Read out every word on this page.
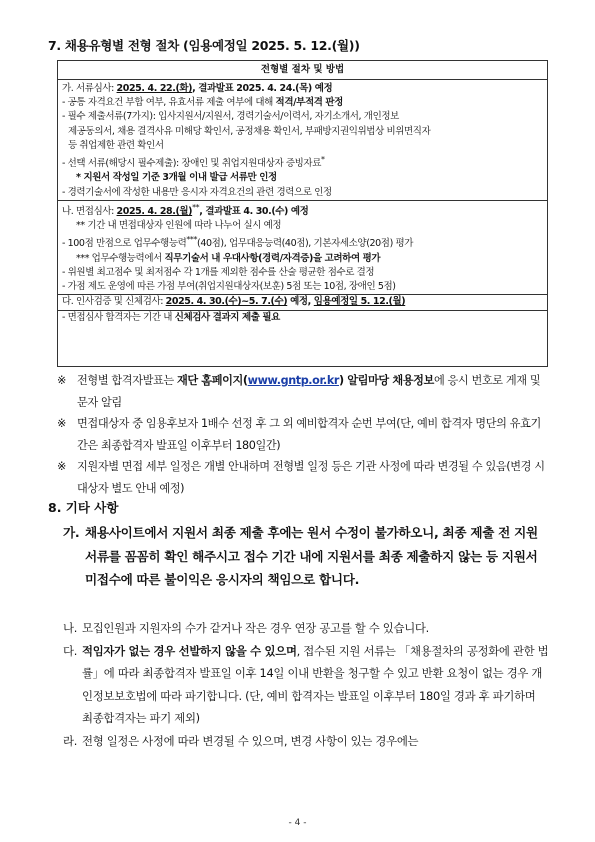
7. 채용유형별 전형 절차 (임용예정일 2025. 5. 12.(월))
전형별 절차 및 방법
가. 서류심사: 2025. 4. 22.(화), 결과발표 2025. 4. 24.(목) 예정
- 공통 자격요건 부합 여부, 유효서류 제출 여부에 대해 적격/부적격 판정
- 필수 제출서류(7가지): 입사지원서/지원서, 경력기술서/이력서, 자기소개서, 개인정보
제공동의서, 채용 결격사유 미해당 확인서, 공정채용 확인서, 부패방지권익위법상 비위면직자
등 취업제한 관련 확인서
- 선택 서류(해당시 필수제출): 장애인 및 취업지원대상자 증빙자료*
* 지원서 작성일 기준 3개월 이내 발급 서류만 인정
- 경력기술서에 작성한 내용만 응시자 자격요건의 관련 경력으로 인정
나. 면접심사: 2025. 4. 28.(월)**, 결과발표 4. 30.(수) 예정
** 기간 내 면접대상자 인원에 따라 나누어 실시 예정
- 100점 만점으로 업무수행능력***(40점), 업무대응능력(40점), 기본자세소양(20점) 평가
*** 업무수행능력에서 직무기술서 내 우대사항(경력/자격증)을 고려하여 평가
- 위원별 최고점수 및 최저점수 각 1개를 제외한 점수를 산술 평균한 점수로 결정
- 가점 제도 운영에 따른 가점 부여(취업지원대상자(보훈) 5점 또는 10점, 장애인 5점)
다. 인사검증 및 신체검사: 2025. 4. 30.(수)~5. 7.(수) 예정, 임용예정일 5. 12.(월)
- 면접심사 합격자는 기간 내 신체검사 결과지 제출 필요
※ 전형별 합격자발표는 재단 홈페이지(www.gntp.or.kr) 알림마당 채용정보에 응시 번호로 게재 및 문자 알림
※ 면접대상자 중 임용후보자 1배수 선정 후 그 외 예비합격자 순번 부여(단, 예비 합격자 명단의 유효기간은 최종합격자 발표일 이후부터 180일간)
※ 지원자별 면접 세부 일정은 개별 안내하며 전형별 일정 등은 기관 사정에 따라 변경될 수 있음(변경 시 대상자 별도 안내 예정)
8. 기타 사항
가. 채용사이트에서 지원서 최종 제출 후에는 원서 수정이 불가하오니, 최종 제출 전 지원 서류를 꼼꼼히 확인 해주시고 접수 기간 내에 지원서를 최종 제출하지 않는 등 지원서 미접수에 따른 불이익은 응시자의 책임으로 합니다.
나. 모집인원과 지원자의 수가 같거나 작은 경우 연장 공고를 할 수 있습니다.
다. 적임자가 없는 경우 선발하지 않을 수 있으며, 접수된 지원 서류는 「채용절차의 공정화에 관한 법률」에 따라 최종합격자 발표일 이후 14일 이내 반환을 청구할 수 있고 반환 요청이 없는 경우 개인정보보호법에 따라 파기합니다. (단, 예비 합격자는 발표일 이후부터 180일 경과 후 파기하며 최종합격자는 파기 제외)
라. 전형 일정은 사정에 따라 변경될 수 있으며, 변경 사항이 있는 경우에는
- 4 -
